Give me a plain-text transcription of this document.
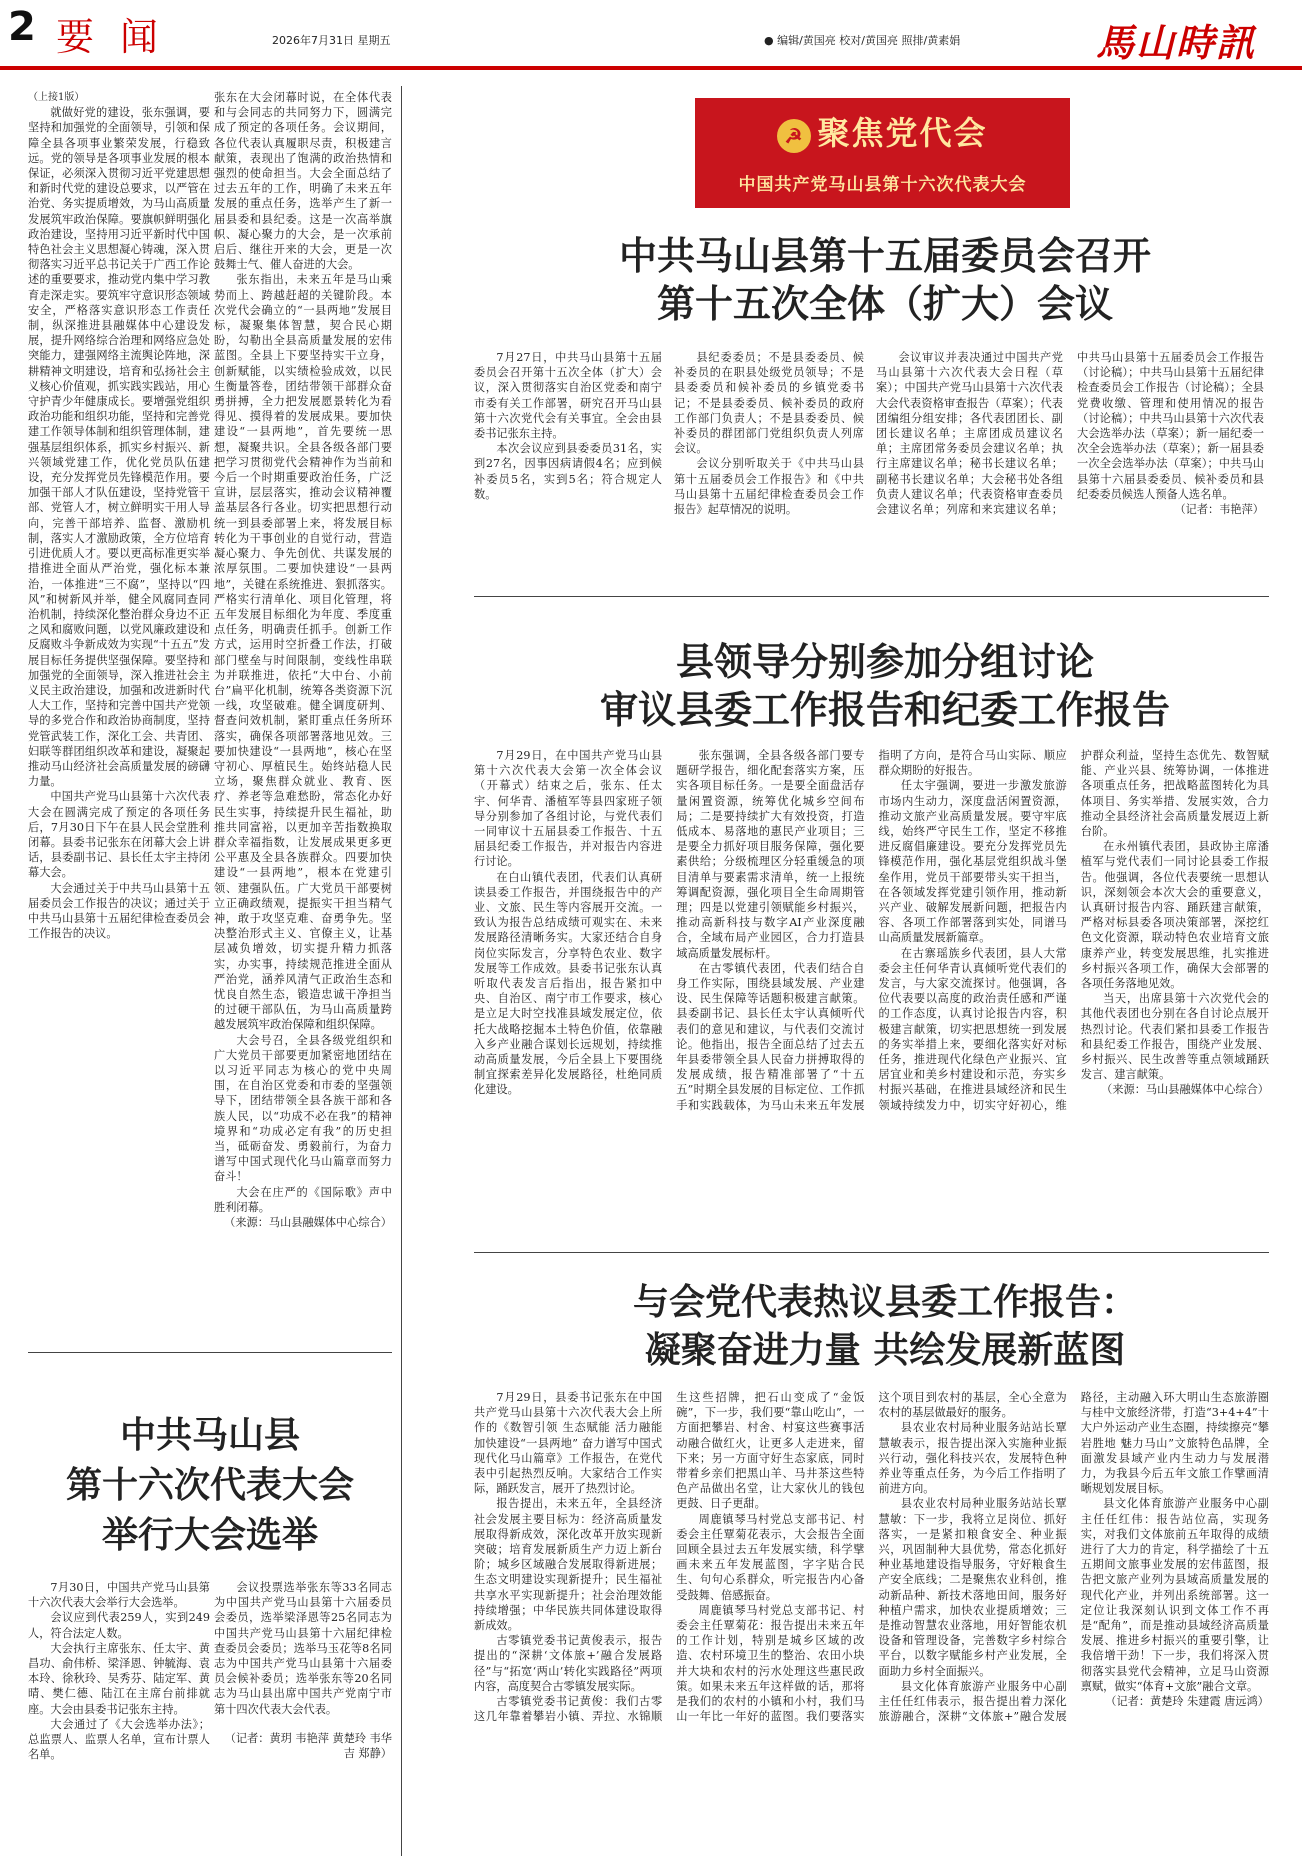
2 要闻	2026年7月31日 星期五	● 编辑/黄国亮 校对/黄国亮 照排/黄素娟	馬山時訊

（上接1版）

就做好党的建设，张东强调，要坚持和加强党的全面领导，引领和保障全县各项事业繁荣发展，行稳致远。党的领导是各项事业发展的根本保证，必须深入贯彻习近平党建思想和新时代党的建设总要求，以严管在治党、务实提质增效，为马山高质量发展筑牢政治保障。要旗帜鲜明强化政治建设，坚持用习近平新时代中国特色社会主义思想凝心铸魂，深入贯彻落实习近平总书记关于广西工作论述的重要要求，推动党内集中学习教育走深走实。要筑牢守意识形态领域安全，严格落实意识形态工作责任制，纵深推进县融媒体中心建设发展，提升网络综合治理和网络应急处突能力，建强网络主流舆论阵地，深耕精神文明建设，培育和弘扬社会主义核心价值观，抓实践实践站，用心守护青少年健康成长。要增强党组织政治功能和组织功能，坚持和完善党建工作领导体制和组织管理体制，建强基层组织体系，抓实乡村振兴、新兴领域党建工作，优化党员队伍建设，充分发挥党员先锋模范作用。要加强干部人才队伍建设，坚持党管干部、党管人才，树立鲜明实干用人导向，完善干部培养、监督、激励机制，落实人才激励政策，全方位培育引进优质人才。要以更高标准更实举措推进全面从严治党，强化标本兼治，一体推进“三不腐”，坚持以“四风”和树新风并举，健全风腐同查同治机制，持续深化整治群众身边不正之风和腐败问题，以党风廉政建设和反腐败斗争新成效为实现“十五五”发展目标任务提供坚强保障。要坚持和加强党的全面领导，深入推进社会主义民主政治建设，加强和改进新时代人大工作，坚持和完善中国共产党领导的多党合作和政治协商制度，坚持党管武装工作，深化工会、共青团、妇联等群团组织改革和建设，凝聚起推动马山经济社会高质量发展的磅礴力量。

中国共产党马山县第十六次代表大会在圆满完成了预定的各项任务后，7月30日下午在县人民会堂胜利闭幕。县委书记张东在闭幕大会上讲话，县委副书记、县长任太宇主持闭幕大会。

大会通过关于中共马山县第十五届委员会工作报告的决议；通过关于中共马山县第十五届纪律检查委员会工作报告的决议。

张东在大会闭幕时说，在全体代表和与会同志的共同努力下，圆满完成了预定的各项任务。会议期间，各位代表认真履职尽责，积极建言献策，表现出了饱满的政治热情和强烈的使命担当。大会全面总结了过去五年的工作，明确了未来五年发展的重点任务，选举产生了新一届县委和县纪委。这是一次高举旗帜、凝心聚力的大会，是一次承前启后、继往开来的大会，更是一次鼓舞士气、催人奋进的大会。

张东指出，未来五年是马山乘势而上、跨越赶超的关键阶段。本次党代会确立的“一县两地”发展目标，凝聚集体智慧，契合民心期盼，勾勒出全县高质量发展的宏伟蓝图。全县上下要坚持实干立身，创新赋能，以实绩检验成效，以民生衡量答卷，团结带领干部群众奋勇拼搏，全力把发展愿景转化为看得见、摸得着的发展成果。要加快建设“一县两地”，首先要统一思想，凝聚共识。全县各级各部门要把学习贯彻党代会精神作为当前和今后一个时期重要政治任务，广泛宣讲，层层落实，推动会议精神覆盖基层各行各业。切实把思想行动统一到县委部署上来，将发展目标转化为干事创业的自觉行动，营造凝心聚力、争先创优、共谋发展的浓厚氛围。二要加快建设“一县两地”，关键在系统推进、狠抓落实。严格实行清单化、项目化管理，将五年发展目标细化为年度、季度重点任务，明确责任抓手。创新工作方式，运用时空折叠工作法，打破部门壁垒与时间限制，变线性串联为并联推进，依托“大中台、小前台”扁平化机制，统筹各类资源下沉一线，攻坚破难。健全调度研判、督查问效机制，紧盯重点任务所环落实，确保各项部署落地见效。三要加快建设“一县两地”，核心在坚守初心、厚植民生。始终站稳人民立场，聚焦群众就业、教育、医疗、养老等急难愁盼，常态化办好民生实事，持续提升民生福祉，助推共同富裕，以更加辛苦指数换取群众幸福指数，让发展成果更多更公平惠及全县各族群众。四要加快建设“一县两地”，根本在党建引领、建强队伍。广大党员干部要树立正确政绩观，提振实干担当精气神，敢于攻坚克难、奋勇争先。坚决整治形式主义、官僚主义，让基层减负增效，切实提升精力抓落实，办实事，持续规范推进全面从严治党，涵养风清气正政治生态和忧良自然生态，锻造忠诚干净担当的过硬干部队伍，为马山高质量跨越发展筑牢政治保障和组织保障。

大会号召，全县各级党组织和广大党员干部要更加紧密地团结在以习近平同志为核心的党中央周围，在自治区党委和市委的坚强领导下，团结带领全县各族干部和各族人民，以“功成不必在我”的精神境界和“功成必定有我”的历史担当，砥砺奋发、勇毅前行，为奋力谱写中国式现代化马山篇章而努力奋斗！

大会在庄严的《国际歌》声中胜利闭幕。

（来源：马山县融媒体中心综合）

中共马山县
第十六次代表大会
举行大会选举

7月30日，中国共产党马山县第十六次代表大会举行大会选举。

会议应到代表259人，实到249人，符合法定人数。

大会执行主席张东、任太宇、黄昌功、俞伟桥、梁泽恩、钟毓海、袁本玲、徐秋玲、吴秀芬、陆定军、黄晴、樊仁德、陆江在主席台前排就座。大会由县委书记张东主持。

大会通过了《大会选举办法》；总监票人、监票人名单，宣布计票人名单。

会议投票选举张东等33名同志为中国共产党马山县第十六届委员会委员，选举梁泽恩等25名同志为中国共产党马山县第十六届纪律检查委员会委员；选举马玉花等8名同志为中国共产党马山县第十六届委员会候补委员；选举张东等20名同志为马山县出席中国共产党南宁市第十四次代表大会代表。

（记者：黄玥 韦艳萍 黄楚玲 韦华吉 郑静）

☭ 聚焦党代会
中国共产党马山县第十六次代表大会
中共马山县第十五届委员会召开
第十五次全体（扩大）会议

7月27日，中共马山县第十五届委员会召开第十五次全体（扩大）会议，深入贯彻落实自治区党委和南宁市委有关工作部署，研究召开马山县第十六次党代会有关事宜。全会由县委书记张东主持。

本次会议应到县委委员31名，实到27名，因事因病请假4名；应到候补委员5名，实到5名；符合规定人数。

县纪委委员；不是县委委员、候补委员的在职县处级党员领导；不是县委委员和候补委员的乡镇党委书记；不是县委委员、候补委员的政府工作部门负责人；不是县委委员、候补委员的群团部门党组织负责人列席会议。

会议分别听取关于《中共马山县第十五届委员会工作报告》和《中共马山县第十五届纪律检查委员会工作报告》起草情况的说明。

会议审议并表决通过中国共产党马山县第十六次代表大会日程（草案）；中国共产党马山县第十六次代表大会代表资格审查报告（草案）；代表团编组分组安排；各代表团团长、副团长建议名单；主席团成员建议名单；主席团常务委员会建议名单；执行主席建议名单；秘书长建议名单；副秘书长建议名单；大会秘书处各组负责人建议名单；代表资格审查委员会建议名单；列席和来宾建议名单；中共马山县第十五届委员会工作报告（讨论稿）；中共马山县第十五届纪律检查委员会工作报告（讨论稿）；全县党费收缴、管理和使用情况的报告（讨论稿）；中共马山县第十六次代表大会选举办法（草案）；新一届纪委一次全会选举办法（草案）；新一届县委一次全会选举办法（草案）；中共马山县第十六届县委委员、候补委员和县纪委委员候选人预备人选名单。

（记者：韦艳萍）

县领导分别参加分组讨论
审议县委工作报告和纪委工作报告

7月29日，在中国共产党马山县第十六次代表大会第一次全体会议（开幕式）结束之后，张东、任太宇、何华青、潘植军等县四家班子领导分别参加了各组讨论，与党代表们一同审议十五届县委工作报告、十五届县纪委工作报告，并对报告内容进行讨论。

在白山镇代表团，代表们认真研读县委工作报告，并围绕报告中的产业、文旅、民生等内容展开交流。一致认为报告总结成绩可观实在、未来发展路径清晰务实。大家还结合自身岗位实际发言，分享特色农业、数字发展等工作成效。县委书记张东认真听取代表发言后指出，报告紧扣中央、自治区、南宁市工作要求，核心是立足大时空找准县域发展定位，依托大战略挖掘本土特色价值，依靠融入乡产业融合谋划长远规划，持续推动高质量发展，今后全县上下要围绕制宜探索差异化发展路径，杜绝同质化建设。

张东强调，全县各级各部门要专题研学报告，细化配套落实方案，压实各项目标任务。一是要全面盘活存量闲置资源，统筹优化城乡空间布局；二是要持续扩大有效投资，打造低成本、易落地的惠民产业项目；三是要全力抓好项目服务保障，强化要素供给；分级梳理区分轻重缓急的项目清单与要素需求清单，统一上报统筹调配资源，强化项目全生命周期管理；四是以党建引领赋能乡村振兴，推动高新科技与数字AI产业深度融合，全域布局产业园区，合力打造县域高质量发展标杆。

在古零镇代表团，代表们结合自身工作实际，围绕县域发展、产业建设、民生保障等话题积极建言献策。县委副书记、县长任太宇认真倾听代表们的意见和建议，与代表们交流讨论。他指出，报告全面总结了过去五年县委带领全县人民奋力拼搏取得的发展成绩，报告精准部署了“十五五”时期全县发展的目标定位、工作抓手和实践载体，为马山未来五年发展指明了方向，是符合马山实际、顺应群众期盼的好报告。

任太宇强调，要进一步激发旅游市场内生动力，深度盘活闲置资源，推动文旅产业高质量发展。要守牢底线，始终严守民生工作，坚定不移推进反腐倡廉建设。要充分发挥党员先锋模范作用，强化基层党组织战斗堡垒作用，党员干部要带头实干担当，在各领域发挥党建引领作用，推动新兴产业、破解发展新问题，把报告内容、各项工作部署落到实处，同谱马山高质量发展新篇章。

在古寨瑶族乡代表团，县人大常委会主任何华青认真倾听党代表们的发言，与大家交流探讨。他强调，各位代表要以高度的政治责任感和严谨的工作态度，认真讨论报告内容，积极建言献策，切实把思想统一到发展的务实举措上来，要细化落实好对标任务，推进现代化绿色产业振兴、宜居宜业和美乡村建设和示范，夯实乡村振兴基础，在推进县域经济和民生领域持续发力中，切实守好初心，维护群众利益，坚持生态优先、数智赋能、产业兴县、统筹协调，一体推进各项重点任务，把战略蓝图转化为具体项目、务实举措、发展实效，合力推动全县经济社会高质量发展迈上新台阶。

在永州镇代表团，县政协主席潘植军与党代表们一同讨论县委工作报告。他强调，各位代表要统一思想认识，深刻领会本次大会的重要意义，认真研讨报告内容、踊跃建言献策，严格对标县委各项决策部署，深挖红色文化资源，联动特色农业培育文旅康养产业，转变发展思维，扎实推进乡村振兴各项工作，确保大会部署的各项任务落地见效。

当天，出席县第十六次党代会的其他代表团也分别在各自讨论点展开热烈讨论。代表们紧扣县委工作报告和县纪委工作报告，围绕产业发展、乡村振兴、民生改善等重点领域踊跃发言、建言献策。

（来源：马山县融媒体中心综合）

与会党代表热议县委工作报告：
凝聚奋进力量 共绘发展新蓝图

7月29日，县委书记张东在中国共产党马山县第十六次代表大会上所作的《数智引领 生态赋能 活力融能 加快建设“一县两地” 奋力谱写中国式现代化马山篇章》工作报告，在党代表中引起热烈反响。大家结合工作实际，踊跃发言，展开了热烈讨论。

报告提出，未来五年，全县经济社会发展主要目标为：经济高质量发展取得新成效，深化改革开放实现新突破；培育发展新质生产力迈上新台阶；城乡区域融合发展取得新进展；生态文明建设实现新提升；民生福祉共享水平实现新提升；社会治理效能持续增强；中华民族共同体建设取得新成效。

古零镇党委书记黄俊表示，报告提出的“深耕‘文体旅+’融合发展路径”与“拓宽‘两山’转化实践路径”两项内容，高度契合古零镇发展实际。

古零镇党委书记黄俊：我们古零这几年靠着攀岩小镇、弄拉、水锦顺生这些招牌，把石山变成了“金饭碗”，下一步，我们要“靠山吃山”，一方面把攀岩、村舍、村宴这些赛事活动融合做红火，让更多人走进来，留下来；另一方面守好生态家底，同时带着乡亲们把黑山羊、马井茶这些特色产品做出名堂，让大家伙儿的钱包更鼓、日子更甜。

周鹿镇琴马村党总支部书记、村委会主任覃菊花表示，大会报告全面回顾全县过去五年发展实绩，科学擘画未来五年发展蓝图，字字贴合民生、句句心系群众，听完报告内心备受鼓舞、倍感振奋。

周鹿镇琴马村党总支部书记、村委会主任覃菊花：报告提出未来五年的工作计划，特别是城乡区域的改造、农村环境卫生的整治、农田小块并大块和农村的污水处理这些惠民政策。如果未来五年这样做的话，那将是我们的农村的小镇和小村，我们马山一年比一年好的蓝图。我们要落实这个项目到农村的基层，全心全意为农村的基层做最好的服务。

县农业农村局种业服务站站长覃慧敏表示，报告提出深入实施种业振兴行动，强化科技兴农，发展特色种养业等重点任务，为今后工作指明了前进方向。

县农业农村局种业服务站站长覃慧敏：下一步，我将立足岗位、抓好落实，一是紧扣粮食安全、种业振兴，巩固制种大县优势，常态化抓好种业基地建设指导服务，守好粮食生产安全底线；二是聚焦农业科创，推动新品种、新技术落地田间，服务好种植户需求，加快农业提质增效；三是推动智慧农业落地，用好智能农机设备和管理设备，完善数字乡村综合平台，以数字赋能乡村产业发展，全面助力乡村全面振兴。

县文化体育旅游产业服务中心副主任任红伟表示，报告提出着力深化旅游融合，深耕“文体旅+”融合发展路径，主动融入环大明山生态旅游圈与桂中文旅经济带，打造“3+4+4”十大户外运动产业生态圈，持续擦亮“攀岩胜地 魅力马山”文旅特色品牌，全面激发县域产业内生动力与发展潜力，为我县今后五年文旅工作擘画清晰规划发展目标。

县文化体育旅游产业服务中心副主任任红伟：报告站位高，实现务实，对我们文体旅前五年取得的成绩进行了大力的肯定，科学描绘了十五五期间文旅事业发展的宏伟蓝图，报告把文旅产业列为县域高质量发展的现代化产业，并列出系统部署。这一定位让我深刻认识到文体工作不再是“配角”，而是推动县域经济高质量发展、推进乡村振兴的重要引擎，让我倍增干劲！下一步，我们将深入贯彻落实县党代会精神，立足马山资源禀赋，做实“体育+文旅”融合文章。

（记者：黄楚玲 朱建霞 唐远鸿）
